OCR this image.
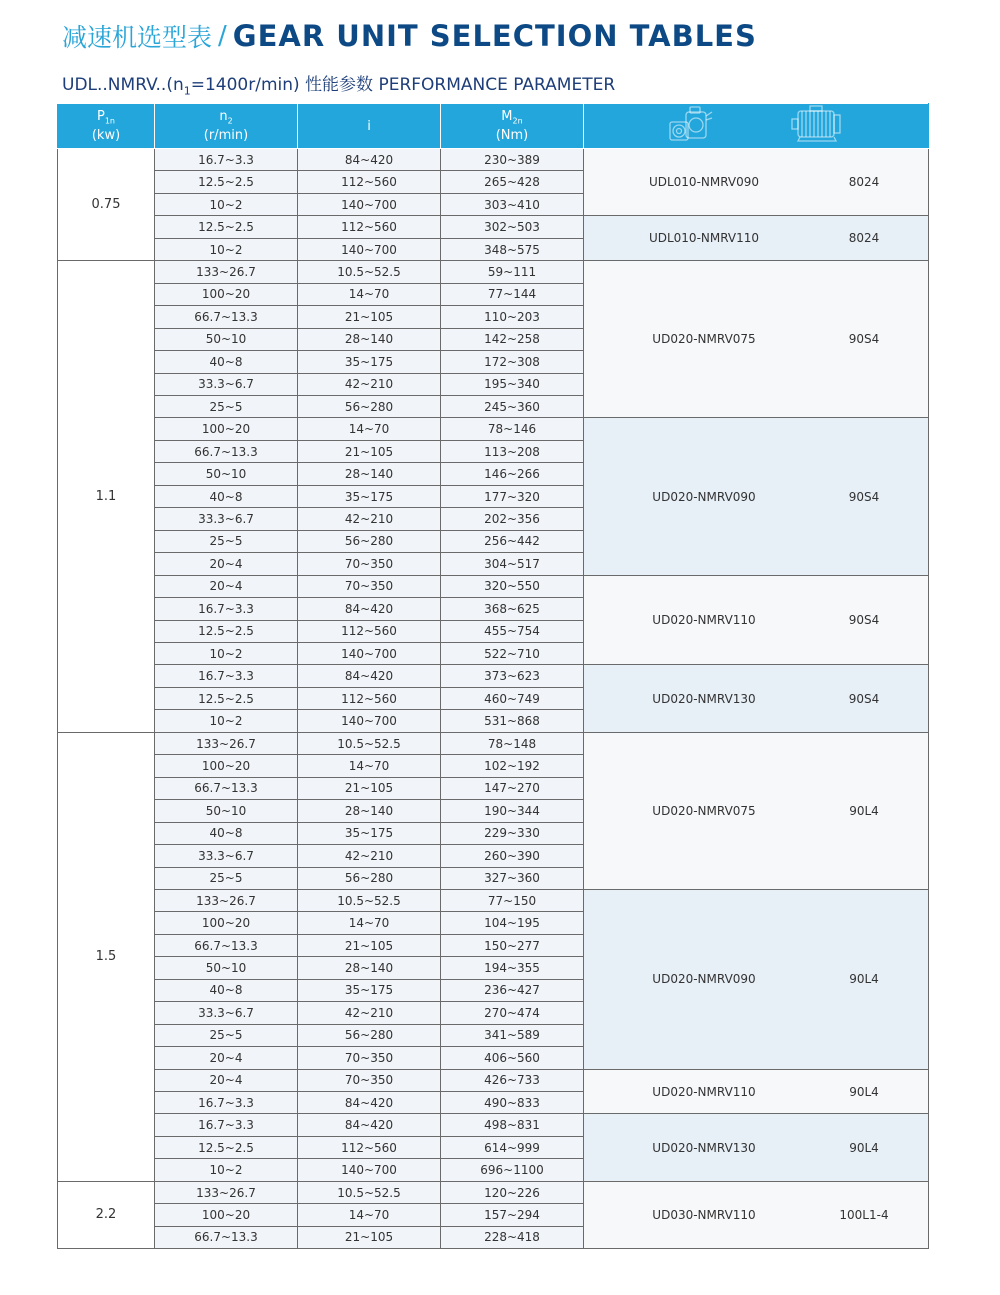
减速机选型表 / GEAR UNIT SELECTION TABLES
$UDL..NMRV..(n_1=1400r/\min)$ 性能参数 PERFORMANCE PARAMETER
$P_{1n}$
(kw)	$n_2$
(r/min)	i	$M_{2n}$
(Nm)	
0.75	16.7~3.3	84~420	230~389	UDL010-NMRV090 8024

	12.5~2.5	112~560	265~428	
	10~2	140~700	303~410	
	12.5~2.5	112~560	302~503	UDL010-NMRV110 8024

	10~2	140~700	348~575	
1.1	133~26.7	10.5~52.5	59~111	UD020-NMRV075 90S4

	100~20	14~70	77~144	
	66.7~13.3	21~105	110~203	
	50~10	28~140	142~258	
	40~8	35~175	172~308	
	33.3~6.7	42~210	195~340	
	25~5	56~280	245~360	
	100~20	14~70	78~146	UD020-NMRV090 90S4

	66.7~13.3	21~105	113~208	
	50~10	28~140	146~266	
	40~8	35~175	177~320	
	33.3~6.7	42~210	202~356	
	25~5	56~280	256~442	
	20~4	70~350	304~517	
	20~4	70~350	320~550	UD020-NMRV110 90S4

	16.7~3.3	84~420	368~625	
	12.5~2.5	112~560	455~754	
	10~2	140~700	522~710	
	16.7~3.3	84~420	373~623	UD020-NMRV130 90S4

	12.5~2.5	112~560	460~749	
	10~2	140~700	531~868	
1.5	133~26.7	10.5~52.5	78~148	UD020-NMRV075 90L4

	100~20	14~70	102~192	
	66.7~13.3	21~105	147~270	
	50~10	28~140	190~344	
	40~8	35~175	229~330	
	33.3~6.7	42~210	260~390	
	25~5	56~280	327~360	
	133~26.7	10.5~52.5	77~150	UD020-NMRV090 90L4

	100~20	14~70	104~195	
	66.7~13.3	21~105	150~277	
	50~10	28~140	194~355	
	40~8	35~175	236~427	
	33.3~6.7	42~210	270~474	
	25~5	56~280	341~589	
	20~4	70~350	406~560	
	20~4	70~350	426~733	UD020-NMRV110 90L4

	16.7~3.3	84~420	490~833	
	16.7~3.3	84~420	498~831	UD020-NMRV130 90L4

	12.5~2.5	112~560	614~999	
	10~2	140~700	696~1100	
2.2	133~26.7	10.5~52.5	120~226	UD030-NMRV110 100L1-4

	100~20	14~70	157~294	
	66.7~13.3	21~105	228~418	
